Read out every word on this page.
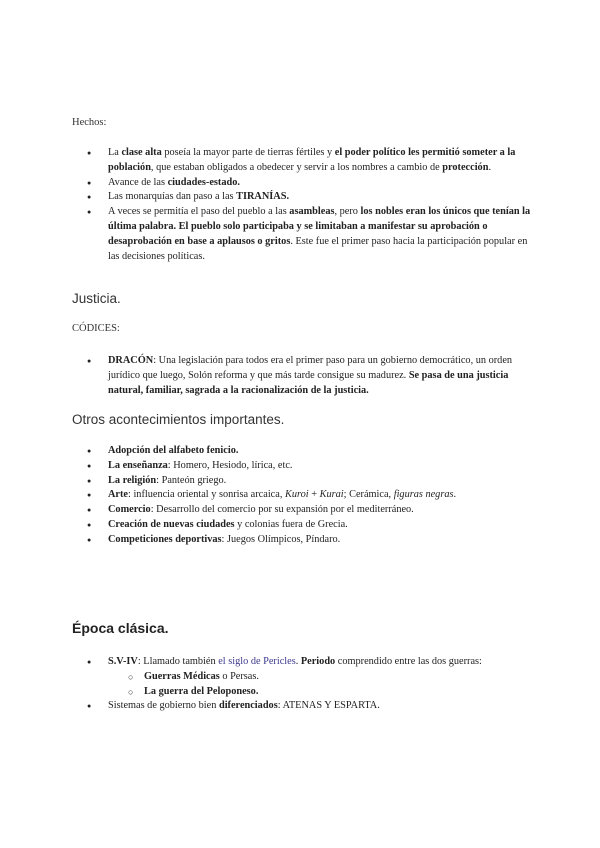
Hechos:
● La clase alta poseía la mayor parte de tierras fértiles y el poder político les permitió someter a la población, que estaban obligados a obedecer y servir a los nombres a cambio de protección.
● Avance de las ciudades-estado.
● Las monarquías dan paso a las TIRANÍAS.
● A veces se permitía el paso del pueblo a las asambleas, pero los nobles eran los únicos que tenían la última palabra. El pueblo solo participaba y se limitaban a manifestar su aprobación o desaprobación en base a aplausos o gritos. Este fue el primer paso hacia la participación popular en las decisiones políticas.
Justicia.
CÓDICES:
● DRACÓN: Una legislación para todos era el primer paso para un gobierno democrático, un orden jurídico que luego, Solón reforma y que más tarde consigue su madurez. Se pasa de una justicia natural, familiar, sagrada a la racionalización de la justicia.
Otros acontecimientos importantes.
● Adopción del alfabeto fenicio.
● La enseñanza: Homero, Hesiodo, lírica, etc.
● La religión: Panteón griego.
● Arte: influencia oriental y sonrisa arcaica, Kuroi + Kurai; Cerámica, figuras negras.
● Comercio: Desarrollo del comercio por su expansión por el mediterráneo.
● Creación de nuevas ciudades y colonias fuera de Grecia.
● Competiciones deportivas: Juegos Olímpicos, Píndaro.
Época clásica.
● S.V-IV: Llamado también el siglo de Pericles. Periodo comprendido entre las dos guerras:
○ Guerras Médicas o Persas.
○ La guerra del Peloponeso.
● Sistemas de gobierno bien diferenciados: ATENAS Y ESPARTA.
